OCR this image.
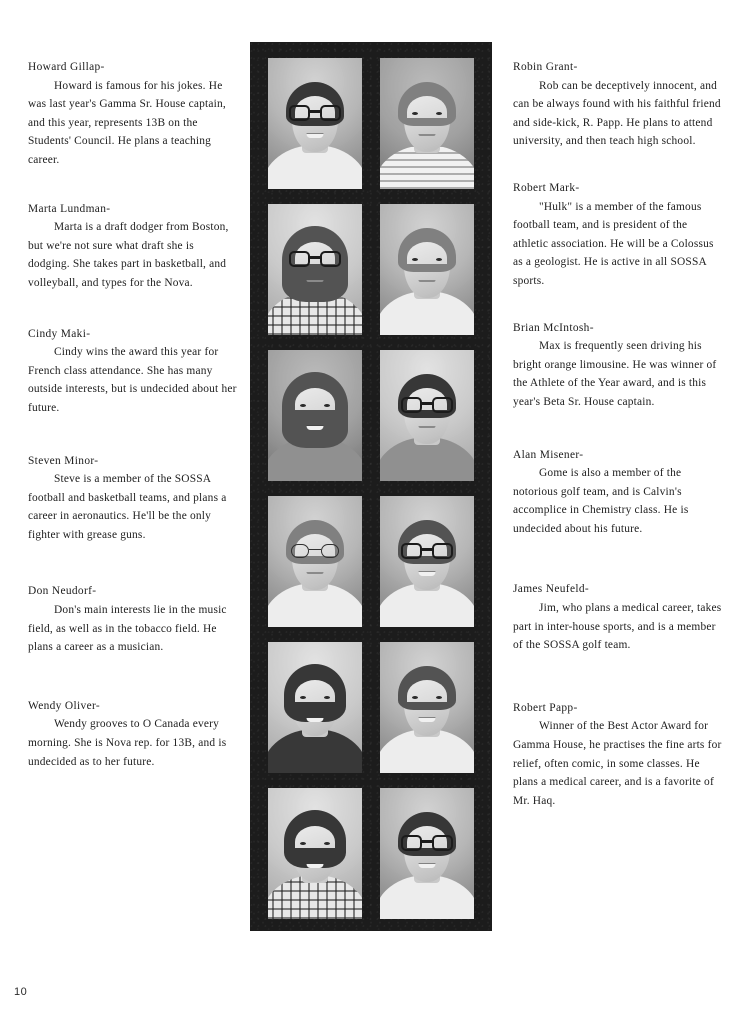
Howard Gillap-
Howard is famous for his jokes. He was last year's Gamma Sr. House captain, and this year, represents 13B on the Students' Council. He plans a teaching career.
Marta Lundman-
Marta is a draft dodger from Boston, but we're not sure what draft she is dodging. She takes part in basketball, and volleyball, and types for the Nova.
Cindy Maki-
Cindy wins the award this year for French class attendance. She has many outside interests, but is undecided about her future.
Steven Minor-
Steve is a member of the SOSSA football and basketball teams, and plans a career in aeronautics. He'll be the only fighter with grease guns.
Don Neudorf-
Don's main interests lie in the music field, as well as in the tobacco field. He plans a career as a musician.
Wendy Oliver-
Wendy grooves to O Canada every morning. She is Nova rep. for 13B, and is undecided as to her future.
Robin Grant-
Rob can be deceptively innocent, and can be always found with his faithful friend and side-kick, R. Papp. He plans to attend university, and then teach high school.
Robert Mark-
"Hulk" is a member of the famous football team, and is president of the athletic association. He will be a Colossus as a geologist. He is active in all SOSSA sports.
Brian McIntosh-
Max is frequently seen driving his bright orange limousine. He was winner of the Athlete of the Year award, and is this year's Beta Sr. House captain.
Alan Misener-
Gome is also a member of the notorious golf team, and is Calvin's accomplice in Chemistry class. He is undecided about his future.
James Neufeld-
Jim, who plans a medical career, takes part in inter-house sports, and is a member of the SOSSA golf team.
Robert Papp-
Winner of the Best Actor Award for Gamma House, he practises the fine arts for relief, often comic, in some classes. He plans a medical career, and is a favorite of Mr. Haq.
10
